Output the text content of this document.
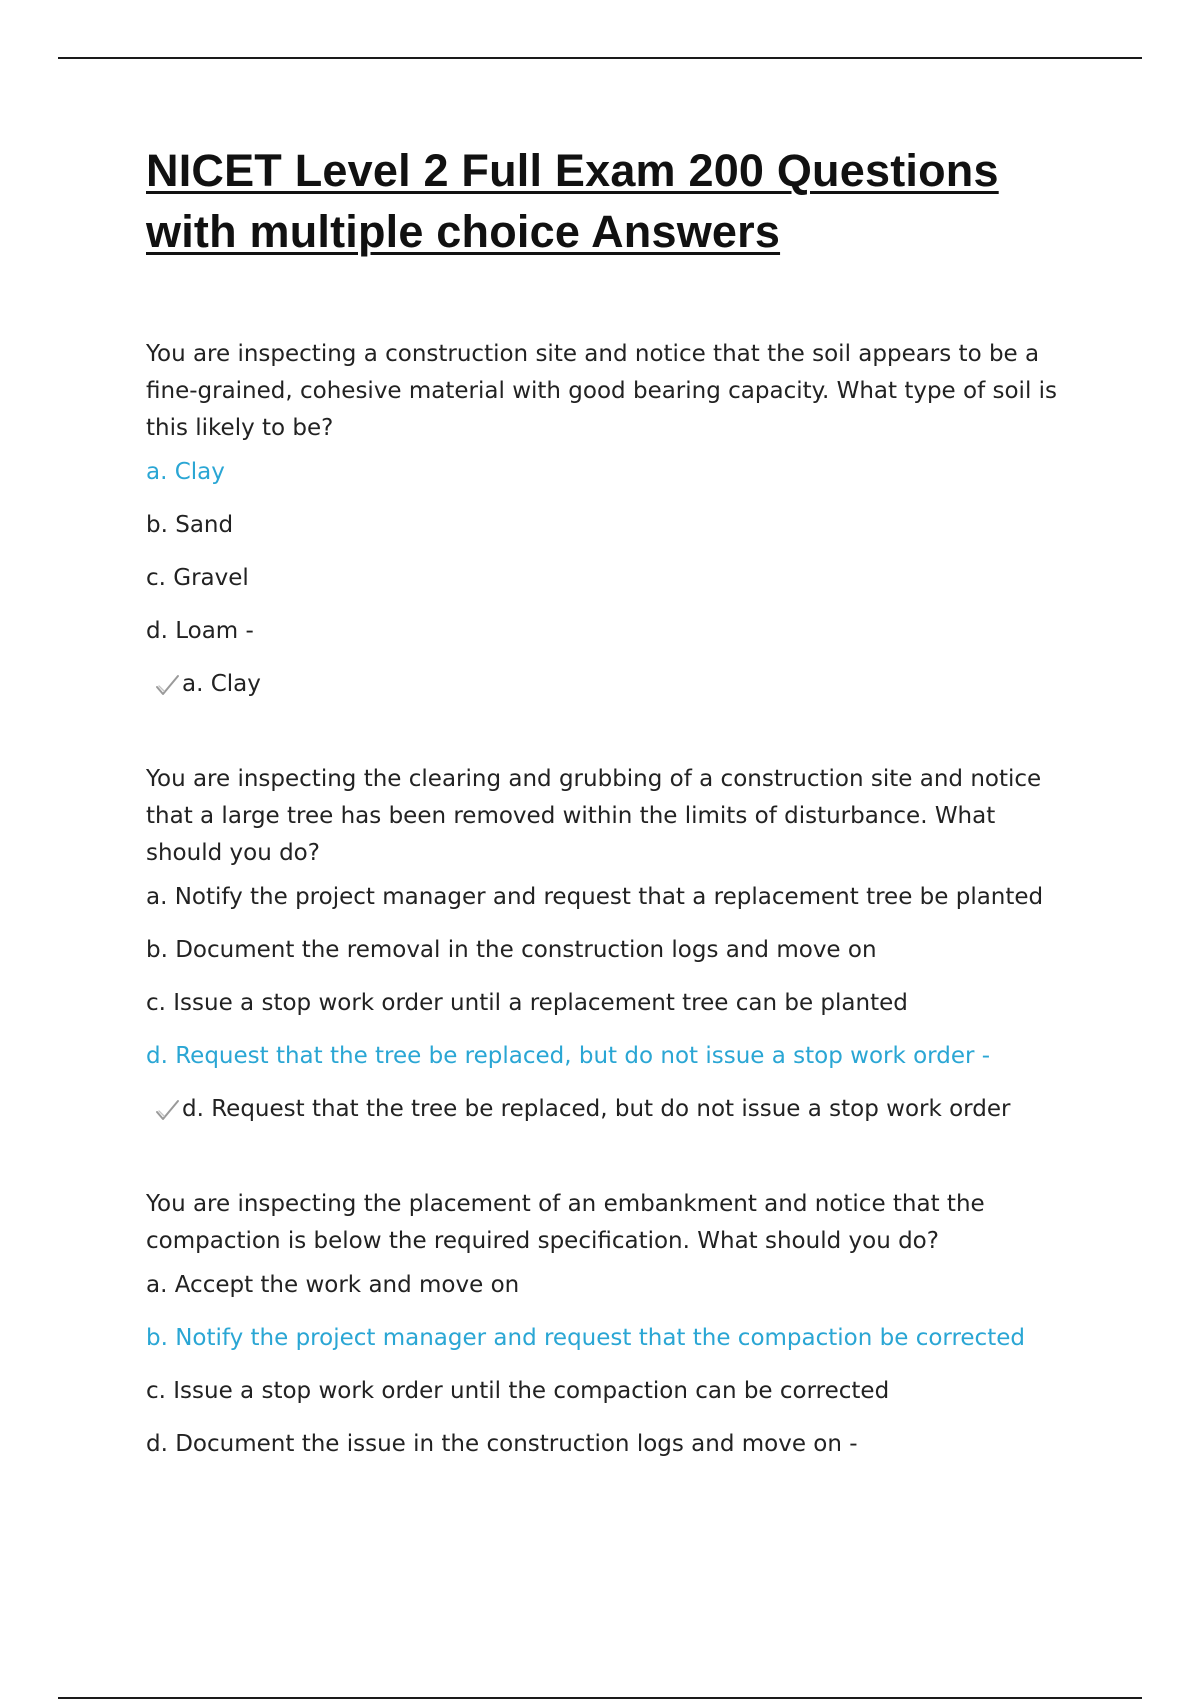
NICET Level 2 Full Exam 200 Questions with multiple choice Answers

You are inspecting a construction site and notice that the soil appears to be a fine-grained, cohesive material with good bearing capacity. What type of soil is this likely to be?

a. Clay

b. Sand

c. Gravel

d. Loam -

a. Clay

You are inspecting the clearing and grubbing of a construction site and notice that a large tree has been removed within the limits of disturbance. What should you do?

a. Notify the project manager and request that a replacement tree be planted

b. Document the removal in the construction logs and move on

c. Issue a stop work order until a replacement tree can be planted

d. Request that the tree be replaced, but do not issue a stop work order -

d. Request that the tree be replaced, but do not issue a stop work order

You are inspecting the placement of an embankment and notice that the compaction is below the required specification. What should you do?

a. Accept the work and move on

b. Notify the project manager and request that the compaction be corrected

c. Issue a stop work order until the compaction can be corrected

d. Document the issue in the construction logs and move on -
